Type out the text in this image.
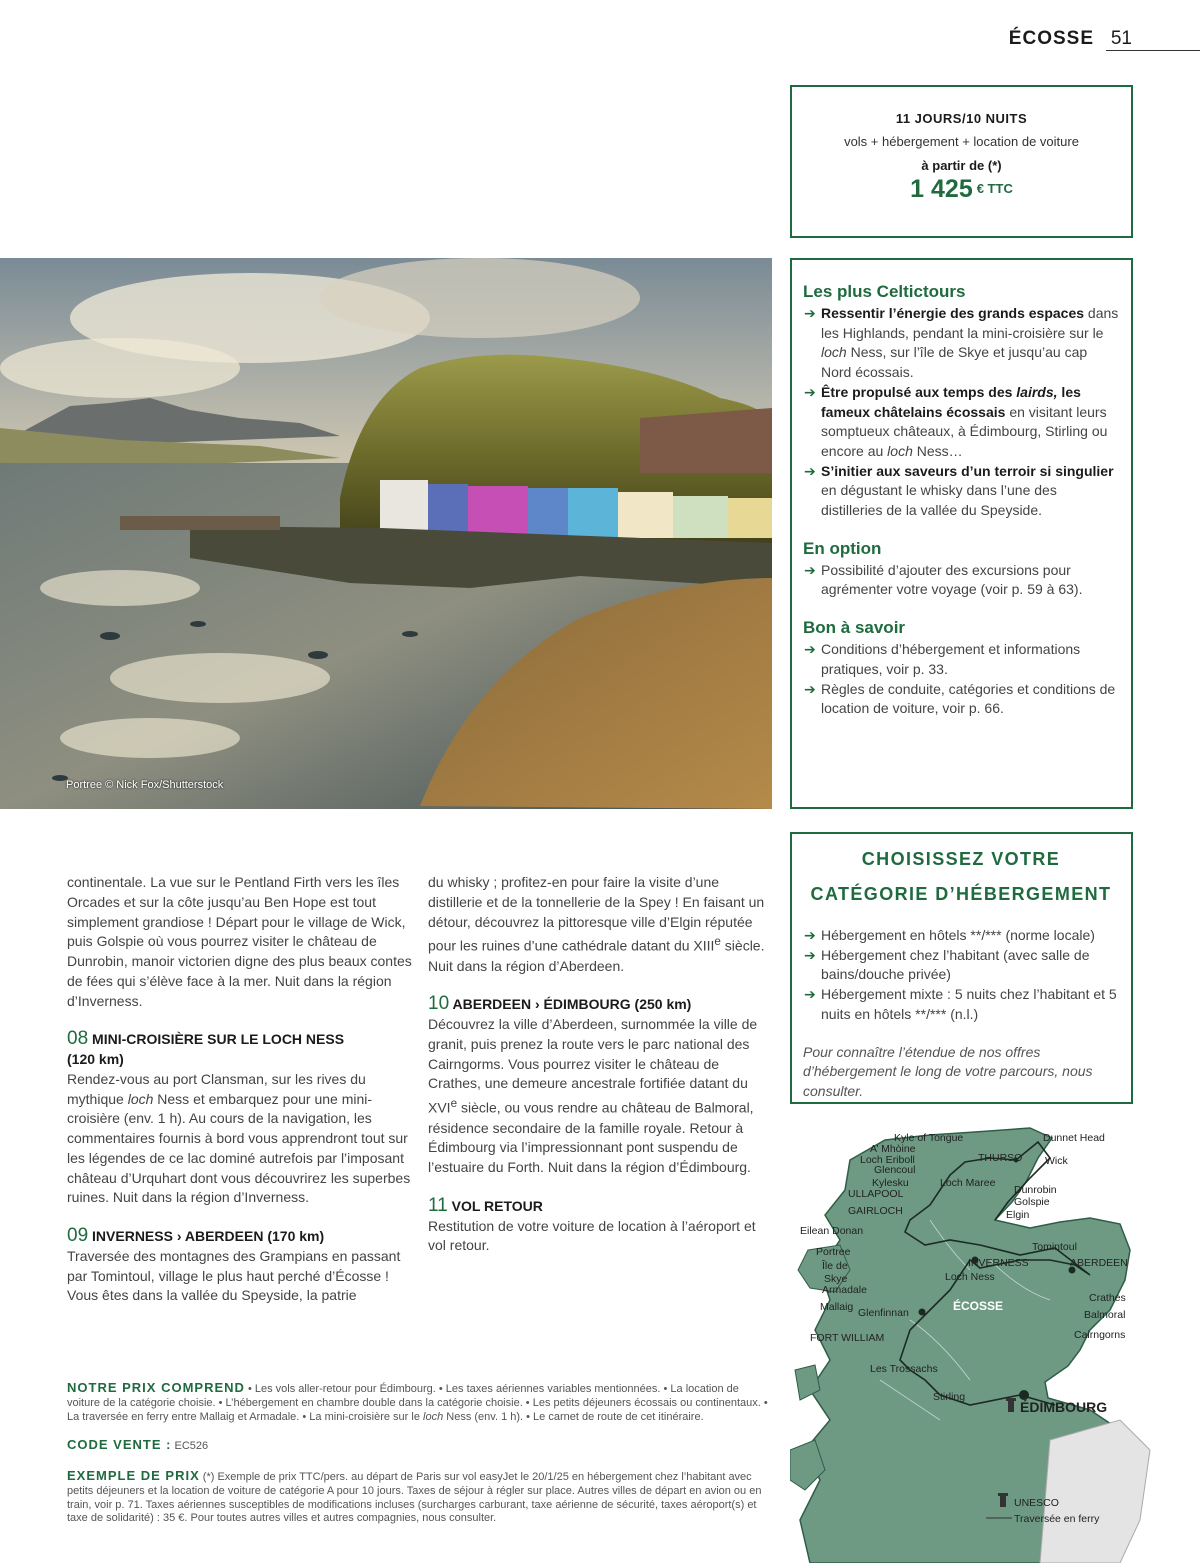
ÉCOSSE 51
11 JOURS/10 NUITS
vols + hébergement + location de voiture
à partir de (*)
1 425 $^{€ TTC}$
Portree © Nick Fox/Shutterstock
Les plus Celtictours
➔ Ressentir l’énergie des grands espaces dans les Highlands, pendant la mini-croisière sur le loch Ness, sur l’île de Skye et jusqu’au cap Nord écossais.
➔ Être propulsé aux temps des lairds, les fameux châtelains écossais en visitant leurs somptueux châteaux, à Édimbourg, Stirling ou encore au loch Ness…
➔ S’initier aux saveurs d’un terroir si singulier en dégustant le whisky dans l’une des distilleries de la vallée du Speyside.
En option
➔ Possibilité d’ajouter des excursions pour agrémenter votre voyage (voir p. 59 à 63).
Bon à savoir
➔ Conditions d’hébergement et informations pratiques, voir p. 33.
➔ Règles de conduite, catégories et conditions de location de voiture, voir p. 66.
CHOISISSEZ VOTRE
CATÉGORIE D’HÉBERGEMENT
➔ Hébergement en hôtels **/*** (norme locale)
➔ Hébergement chez l’habitant (avec salle de bains/douche privée)
➔ Hébergement mixte : 5 nuits chez l’habitant et 5 nuits en hôtels **/*** (n.l.)
Pour connaître l’étendue de nos offres d’hébergement le long de votre parcours, nous consulter.

continentale. La vue sur le Pentland Firth vers les îles Orcades et sur la côte jusqu’au Ben Hope est tout simplement grandiose ! Départ pour le village de Wick, puis Golspie où vous pourrez visiter le château de Dunrobin, manoir victorien digne des plus beaux contes de fées qui s’élève face à la mer. Nuit dans la région d’Inverness.

08 MINI-CROISIÈRE SUR LE LOCH NESS
(120 km)

Rendez-vous au port Clansman, sur les rives du mythique loch Ness et embarquez pour une mini-croisière (env. 1 h). Au cours de la navigation, les commentaires fournis à bord vous apprendront tout sur les légendes de ce lac dominé autrefois par l’imposant château d’Urquhart dont vous découvrirez les superbes ruines. Nuit dans la région d’Inverness.

09 INVERNESS › ABERDEEN (170 km)

Traversée des montagnes des Grampians en passant par Tomintoul, village le plus haut perché d’Écosse ! Vous êtes dans la vallée du Speyside, la patrie

du whisky ; profitez-en pour faire la visite d’une distillerie et de la tonnellerie de la Spey ! En faisant un détour, découvrez la pittoresque ville d’Elgin réputée pour les ruines d’une cathédrale datant du XIIIe siècle. Nuit dans la région d’Aberdeen.

10 ABERDEEN › ÉDIMBOURG (250 km)

Découvrez la ville d’Aberdeen, surnommée la ville de granit, puis prenez la route vers le parc national des Cairngorms. Vous pourrez visiter le château de Crathes, une demeure ancestrale fortifiée datant du XVIe siècle, ou vous rendre au château de Balmoral, résidence secondaire de la famille royale. Retour à Édimbourg via l’impressionnant pont suspendu de l’estuaire du Forth. Nuit dans la région d’Édimbourg.

11 VOL RETOUR

Restitution de votre voiture de location à l’aéroport et vol retour.

NOTRE PRIX COMPREND • Les vols aller-retour pour Édimbourg. • Les taxes aériennes variables mentionnées. • La location de voiture de la catégorie choisie. • L’hébergement en chambre double dans la catégorie choisie. • Les petits déjeuners écossais ou continentaux. • La traversée en ferry entre Mallaig et Armadale. • La mini-croisière sur le loch Ness (env. 1 h). • Le carnet de route de cet itinéraire.
CODE VENTE : EC526
EXEMPLE DE PRIX (*) Exemple de prix TTC/pers. au départ de Paris sur vol easyJet le 20/1/25 en hébergement chez l’habitant avec petits déjeuners et la location de voiture de catégorie A pour 10 jours. Taxes de séjour à régler sur place. Autres villes de départ en avion ou en train, voir p. 71. Taxes aériennes susceptibles de modifications incluses (surcharges carburant, taxe aérienne de sécurité, taxes aéroport(s) et taxe de solidarité) : 35 €. Pour toutes autres villes et autres compagnies, nous consulter.
Kyle of Tongue
A’ Mhòine
Loch Eriboll
Glencoul
Kylesku
ULLAPOOL
GAIRLOCH
THURSO
Dunnet Head
Wick
Loch Maree
Dunrobin
Golspie
Elgin
Eilean Donan
Portree
Île de
Skye
Armadale
Mallaig Glenfinnan
FORT WILLIAM
INVERNESS
Loch Ness
Tomintoul
ABERDEEN
Crathes
Balmoral
Cairngorns
Les Trossachs
Stirling
ÉDIMBOURG
ÉCOSSE
UNESCO
Traversée en ferry
